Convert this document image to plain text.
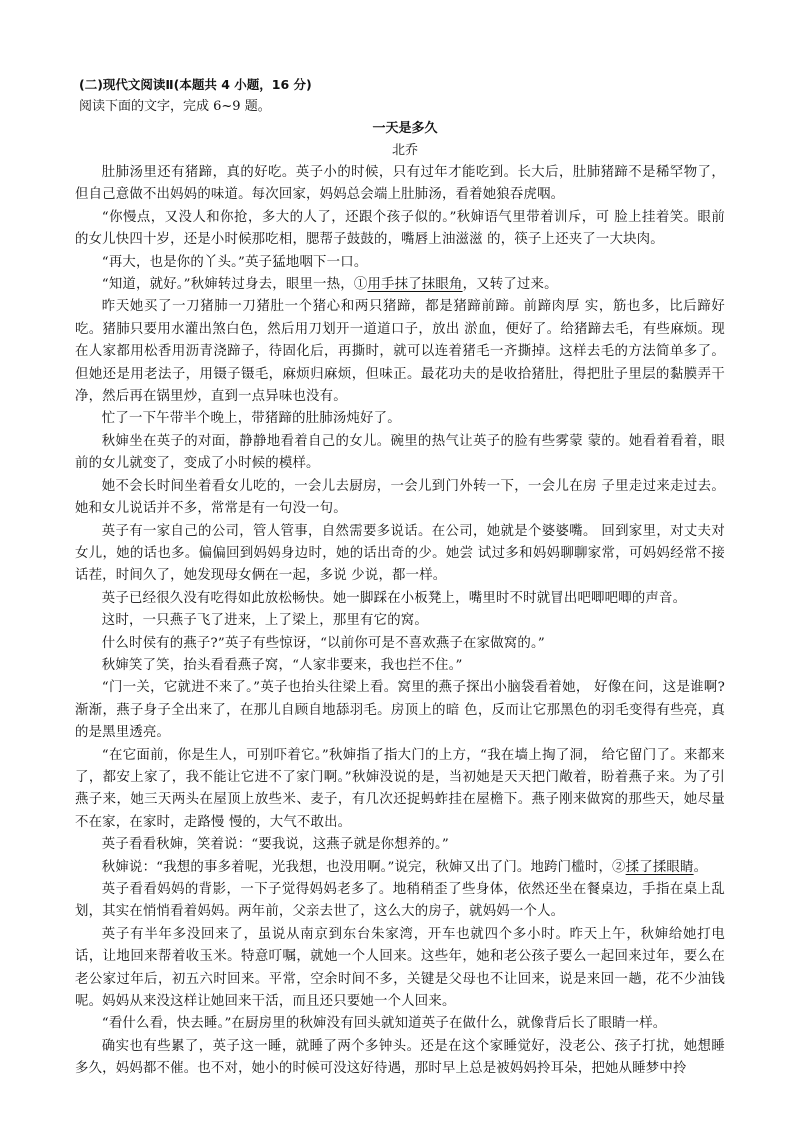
(二)现代文阅读Ⅱ(本题共 4 小题，16 分)
阅读下面的文字，完成 6~9 题。
一天是多久
北乔

肚肺汤里还有猪蹄，真的好吃。英子小的时候，只有过年才能吃到。长大后，肚肺猪蹄不是稀罕物了，但自己意做不出妈妈的味道。每次回家，妈妈总会端上肚肺汤，看着她狼吞虎咽。

“你慢点，又没人和你抢，多大的人了，还跟个孩子似的。”秋婶语气里带着训斥，可 脸上挂着笑。眼前的女儿快四十岁，还是小时候那吃相，腮帮子鼓鼓的，嘴唇上油滋滋 的，筷子上还夹了一大块肉。

“再大，也是你的丫头。”英子猛地咽下一口。

“知道，就好。”秋婶转过身去，眼里一热，①用手抹了抹眼角，又转了过来。

昨天她买了一刀猪肺一刀猪肚一个猪心和两只猪蹄，都是猪蹄前蹄。前蹄肉厚 实，筋也多，比后蹄好吃。猪肺只要用水灌出煞白色，然后用刀划开一道道口子，放出 淤血，便好了。给猪蹄去毛，有些麻烦。现在人家都用松香用沥青浇蹄子，待固化后，再撕时，就可以连着猪毛一齐撕掉。这样去毛的方法简单多了。但她还是用老法子，用镊子镊毛，麻烦归麻烦，但味正。最花功夫的是收拾猪肚，得把肚子里层的黏膜弄干 净，然后再在锅里炒，直到一点异味也没有。

忙了一下午带半个晚上，带猪蹄的肚肺汤炖好了。

秋婶坐在英子的对面，静静地看着自己的女儿。碗里的热气让英子的脸有些雾蒙 蒙的。她看着看着，眼前的女儿就变了，变成了小时候的模样。

她不会长时间坐着看女儿吃的，一会儿去厨房，一会儿到门外转一下，一会儿在房 子里走过来走过去。她和女儿说话并不多，常常是有一句没一句。

英子有一家自己的公司，管人管事，自然需要多说话。在公司，她就是个婆婆嘴。 回到家里，对丈夫对女儿，她的话也多。偏偏回到妈妈身边时，她的话出奇的少。她尝 试过多和妈妈聊聊家常，可妈妈经常不接话茬，时间久了，她发现母女俩在一起，多说 少说，都一样。

英子已经很久没有吃得如此放松畅快。她一脚踩在小板凳上，嘴里时不时就冒出吧唧吧唧的声音。

这时，一只燕子飞了进来，上了梁上，那里有它的窝。

什么时侯有的燕子?”英子有些惊讶，“以前你可是不喜欢燕子在家做窝的。”

秋婶笑了笑，抬头看看燕子窝，“人家非要来，我也拦不住。”

“门一关，它就进不来了。”英子也抬头往梁上看。窝里的燕子探出小脑袋看着她， 好像在问，这是谁啊?渐渐，燕子身子全出来了，在那儿自顾自地舔羽毛。房顶上的暗 色，反而让它那黑色的羽毛变得有些亮，真的是黑里透亮。

“在它面前，你是生人，可别吓着它。”秋婶指了指大门的上方，“我在墙上掏了洞， 给它留门了。来都来了，都安上家了，我不能让它进不了家门啊。”秋婶没说的是，当初她是天天把门敞着，盼着燕子来。为了引燕子来，她三天两头在屋顶上放些米、麦子，有几次还捉蚂蚱挂在屋檐下。燕子刚来做窝的那些天，她尽量不在家，在家时，走路慢 慢的，大气不敢出。

英子看看秋婶，笑着说：“要我说，这燕子就是你想养的。”

秋婶说：“我想的事多着呢，光我想，也没用啊。”说完，秋婶又出了门。地跨门槛时，②揉了揉眼睛。

英子看看妈妈的背影，一下子觉得妈妈老多了。地稍稍歪了些身体，依然还坐在餐桌边，手指在桌上乱划，其实在悄悄看着妈妈。两年前，父亲去世了，这么大的房子，就妈妈一个人。

英子有半年多没回来了，虽说从南京到东台朱家湾，开车也就四个多小时。昨天上午，秋婶给她打电话，让地回来帮着收玉米。特意叮嘱，就她一个人回来。这些年，她和老公孩子要么一起回来过年，要么在老公家过年后，初五六时回来。平常，空余时间不多，关键是父母也不让回来，说是来回一趟，花不少油钱呢。妈妈从来没这样让她回来干活，而且还只要她一个人回来。

“看什么看，快去睡。”在厨房里的秋婶没有回头就知道英子在做什么，就像背后长了眼睛一样。

确实也有些累了，英子这一睡，就睡了两个多钟头。还是在这个家睡觉好，没老公、孩子打扰，她想睡多久，妈妈都不催。也不对，她小的时候可没这好待遇，那时早上总是被妈妈拎耳朵，把她从睡梦中拎
